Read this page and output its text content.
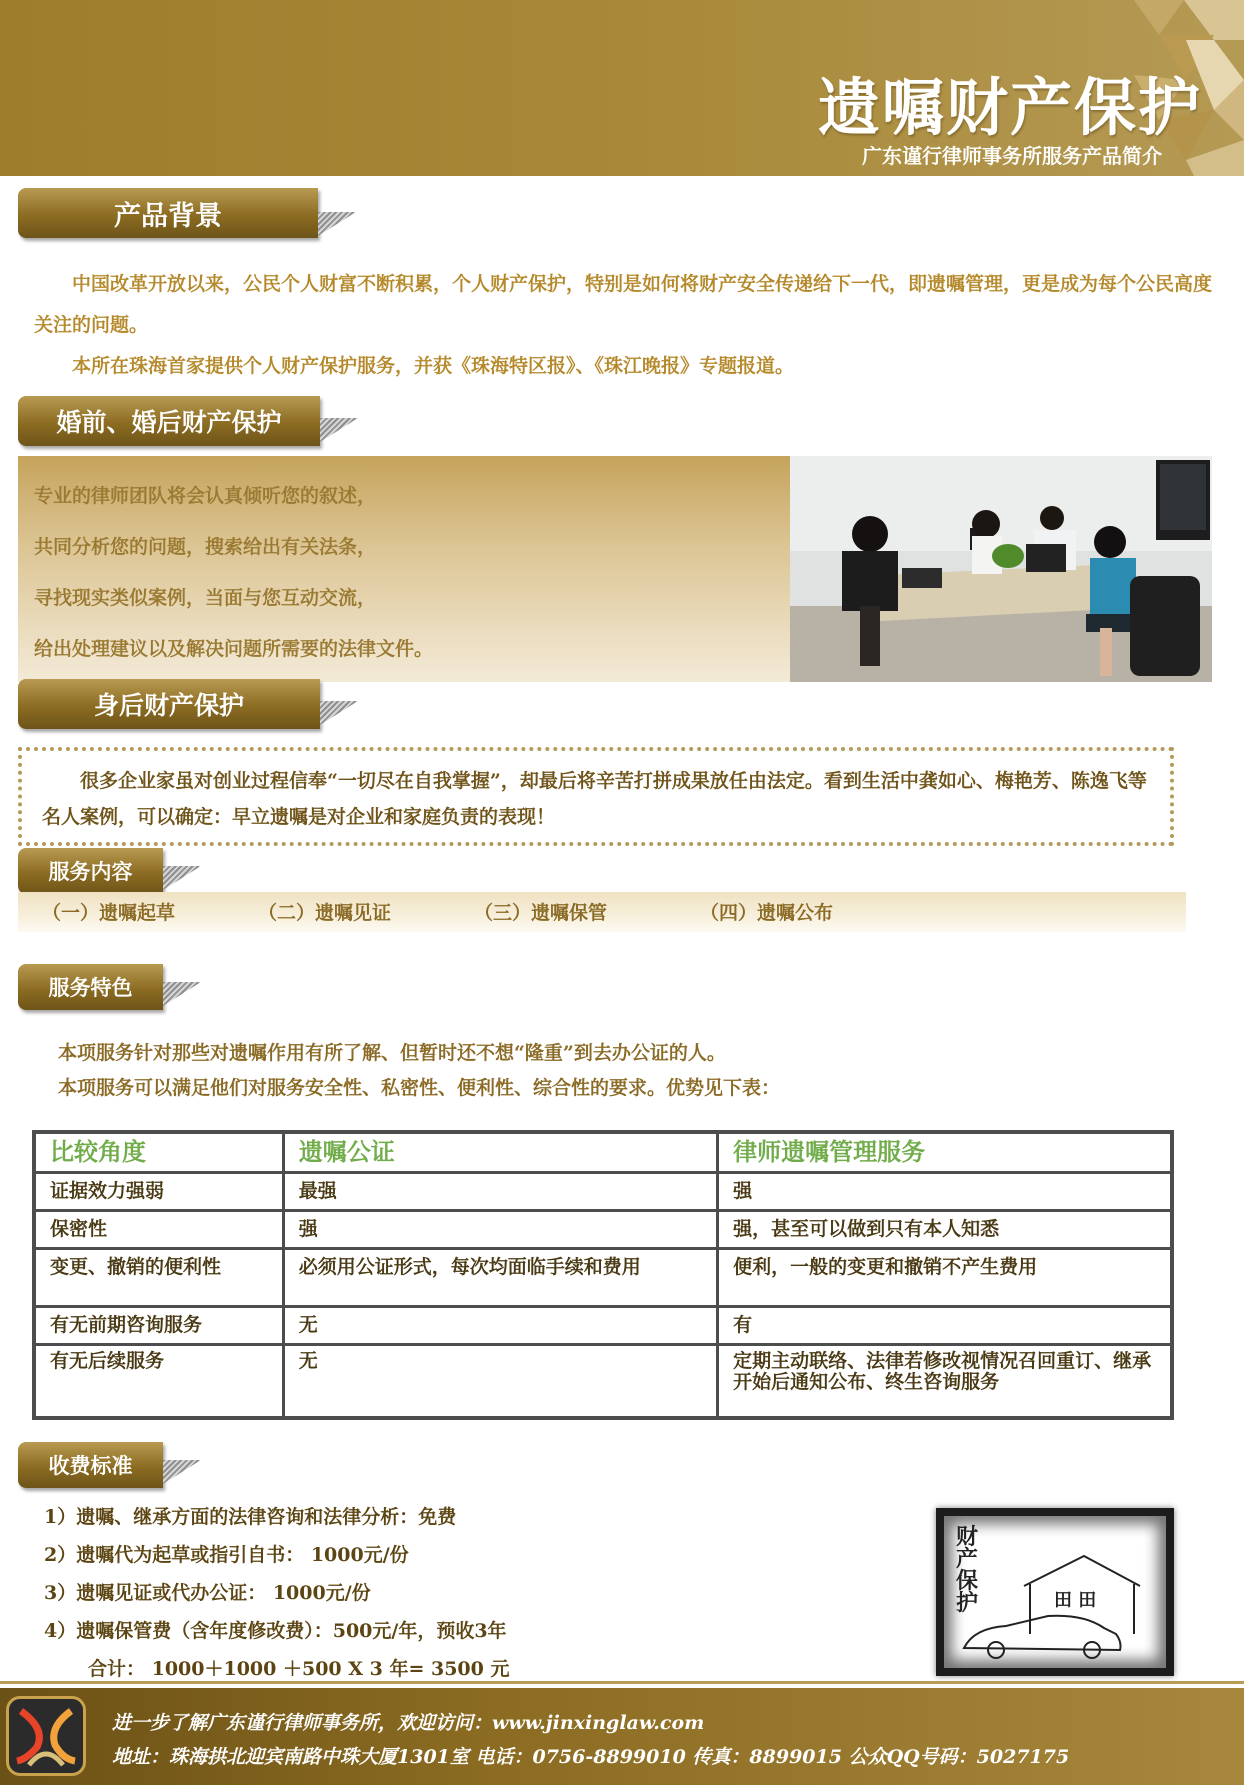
遗嘱财产保护
广东谨行律师事务所服务产品简介
产品背景

中国改革开放以来，公民个人财富不断积累，个人财产保护，特别是如何将财产安全传递给下一代，即遗嘱管理，更是成为每个公民高度关注的问题。

本所在珠海首家提供个人财产保护服务，并获《珠海特区报》、《珠江晚报》专题报道。

婚前、婚后财产保护
专业的律师团队将会认真倾听您的叙述，
共同分析您的问题，搜索给出有关法条，
寻找现实类似案例，当面与您互动交流，
给出处理建议以及解决问题所需要的法律文件。
身后财产保护

很多企业家虽对创业过程信奉“一切尽在自我掌握”，却最后将辛苦打拼成果放任由法定。看到生活中龚如心、梅艳芳、陈逸飞等名人案例，可以确定：早立遗嘱是对企业和家庭负责的表现！

服务内容
（一）遗嘱起草	（二）遗嘱见证	（三）遗嘱保管	（四）遗嘱公布
服务特色
本项服务针对那些对遗嘱作用有所了解、但暂时还不想“隆重”到去办公证的人。
本项服务可以满足他们对服务安全性、私密性、便利性、综合性的要求。优势见下表：
比较角度	遗嘱公证	律师遗嘱管理服务
证据效力强弱	最强	强
保密性	强	强，甚至可以做到只有本人知悉
变更、撤销的便利性	必须用公证形式，每次均面临手续和费用	便利，一般的变更和撤销不产生费用
有无前期咨询服务	无	有
有无后续服务	无	定期主动联络、法律若修改视情况召回重订、继承开始后通知公布、终生咨询服务
收费标准
1）遗嘱、继承方面的法律咨询和法律分析：免费
2）遗嘱代为起草或指引自书： 1000元/份
3）遗嘱见证或代办公证： 1000元/份
4）遗嘱保管费（含年度修改费）：500元/年，预收3年
合计： 1000＋1000 ＋500 X 3 年= 3500 元
财产保护	田 田
进一步了解广东谨行律师事务所，欢迎访问：www.jinxinglaw.com
地址：珠海拱北迎宾南路中珠大厦1301室 电话：0756-8899010 传真：8899015 公众QQ号码：5027175
